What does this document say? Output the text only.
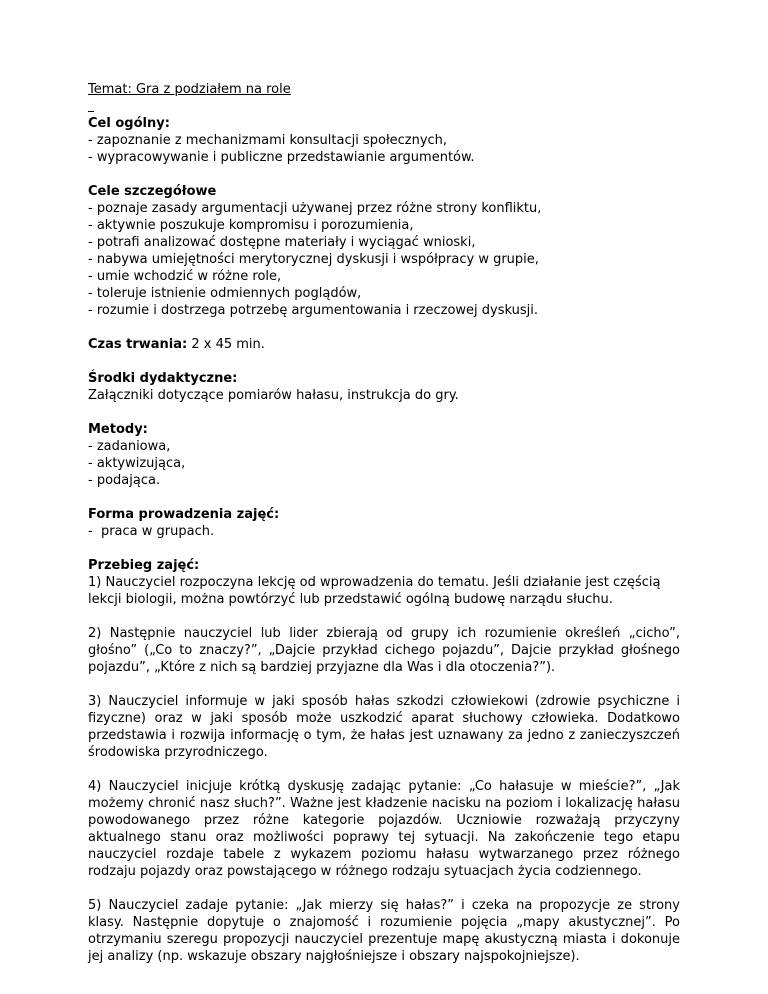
Temat: Gra z podziałem na role

Cel ogólny:

- zapoznanie z mechanizmami konsultacji społecznych,

- wypracowywanie i publiczne przedstawianie argumentów.

Cele szczegółowe

- poznaje zasady argumentacji używanej przez różne strony konfliktu,

- aktywnie poszukuje kompromisu i porozumienia,

- potrafi analizować dostępne materiały i wyciągać wnioski,

- nabywa umiejętności merytorycznej dyskusji i współpracy w grupie,

- umie wchodzić w różne role,

- toleruje istnienie odmiennych poglądów,

- rozumie i dostrzega potrzebę argumentowania i rzeczowej dyskusji.

Czas trwania: 2 x 45 min.

Środki dydaktyczne:

Załączniki dotyczące pomiarów hałasu, instrukcja do gry.

Metody:

- zadaniowa,

- aktywizująca,

- podająca.

Forma prowadzenia zajęć:

-  praca w grupach.

Przebieg zajęć:

1) Nauczyciel rozpoczyna lekcję od wprowadzenia do tematu. Jeśli działanie jest częścią lekcji biologii, można powtórzyć lub przedstawić ogólną budowę narządu słuchu.

2) Następnie nauczyciel lub lider zbierają od grupy ich rozumienie określeń „cicho”, głośno” („Co to znaczy?”, „Dajcie przykład cichego pojazdu”, Dajcie przykład głośnego pojazdu”, „Które z nich są bardziej przyjazne dla Was i dla otoczenia?”).

3) Nauczyciel informuje w jaki sposób hałas szkodzi człowiekowi (zdrowie psychiczne i fizyczne) oraz w jaki sposób może uszkodzić aparat słuchowy człowieka. Dodatkowo przedstawia i rozwija informację o tym, że hałas jest uznawany za jedno z zanieczyszczeń środowiska przyrodniczego.

4) Nauczyciel inicjuje krótką dyskusję zadając pytanie: „Co hałasuje w mieście?”, „Jak możemy chronić nasz słuch?”. Ważne jest kładzenie nacisku na poziom i lokalizację hałasu powodowanego przez różne kategorie pojazdów. Uczniowie rozważają przyczyny aktualnego stanu oraz możliwości poprawy tej sytuacji. Na zakończenie tego etapu nauczyciel rozdaje tabele z wykazem poziomu hałasu wytwarzanego przez różnego rodzaju pojazdy oraz powstającego w różnego rodzaju sytuacjach życia codziennego.

5) Nauczyciel zadaje pytanie: „Jak mierzy się hałas?” i czeka na propozycje ze strony klasy. Następnie dopytuje o znajomość i rozumienie pojęcia „mapy akustycznej”. Po otrzymaniu szeregu propozycji nauczyciel prezentuje mapę akustyczną miasta i dokonuje jej analizy (np. wskazuje obszary najgłośniejsze i obszary najspokojniejsze).
